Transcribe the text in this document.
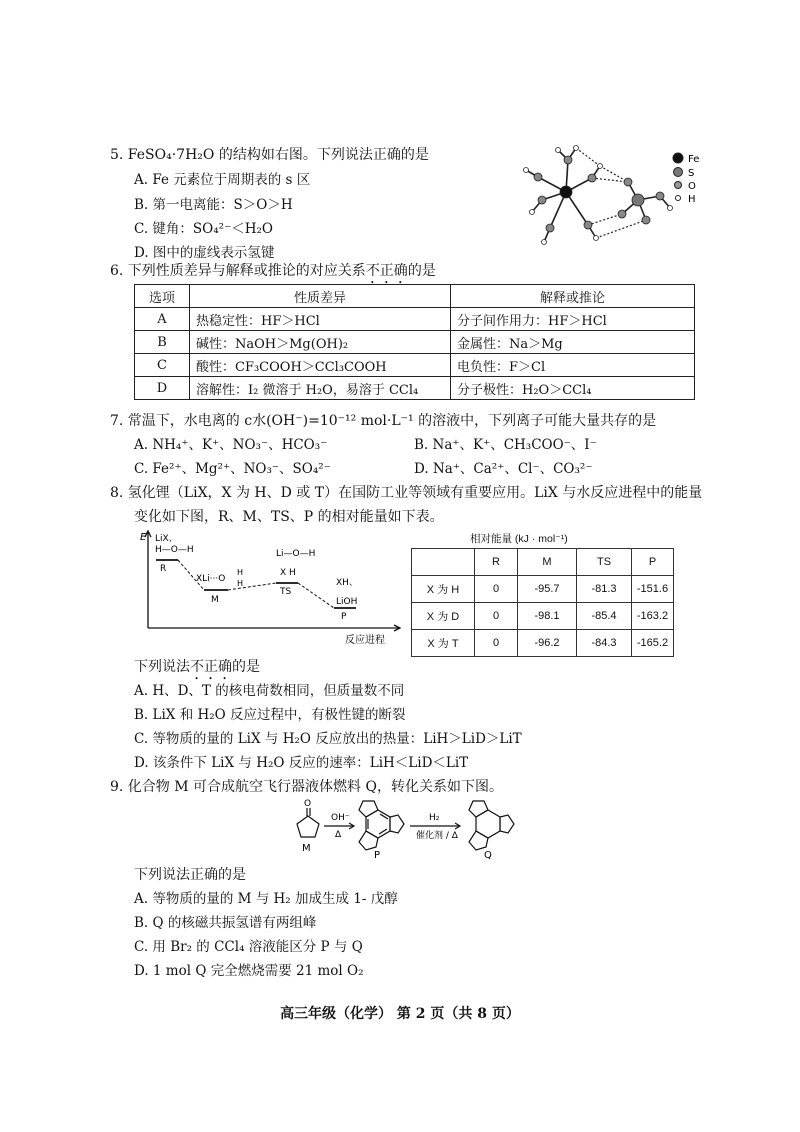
5. FeSO₄·7H₂O 的结构如右图。下列说法正确的是
A. Fe 元素位于周期表的 s 区
B. 第一电离能：S＞O＞H
C. 键角：SO₄²⁻＜H₂O
D. 图中的虚线表示氢键
Fe
S
O
H
6. 下列性质差异与解释或推论的对应关系不正确的是
选项	性质差异	解释或推论
A	热稳定性：HF＞HCl	分子间作用力：HF＞HCl
B	碱性：NaOH＞Mg(OH)₂	金属性：Na＞Mg
C	酸性：CF₃COOH＞CCl₃COOH	电负性：F＞Cl
D	溶解性：I₂ 微溶于 H₂O，易溶于 CCl₄	分子极性：H₂O＞CCl₄
7. 常温下，水电离的 c水(OH⁻)=10⁻¹² mol·L⁻¹ 的溶液中，下列离子可能大量共存的是
A. NH₄⁺、K⁺、NO₃⁻、HCO₃⁻	B. Na⁺、K⁺、CH₃COO⁻、I⁻
C. Fe²⁺、Mg²⁺、NO₃⁻、SO₄²⁻	D. Na⁺、Ca²⁺、Cl⁻、CO₃²⁻
8. 氢化锂（LiX，X 为 H、D 或 T）在国防工业等领域有重要应用。LiX 与水反应进程中的能量
变化如下图，R、M、TS、P 的相对能量如下表。
E
反应进程
LiX、
H—O—H
R
XLi···O
H
H
M
Li—O—H
X H
TS
XH、
LiOH
P
相对能量 (kJ · mol⁻¹)
	R	M	TS	P
X 为 H	0	-95.7	-81.3	-151.6
X 为 D	0	-98.1	-85.4	-163.2
X 为 T	0	-96.2	-84.3	-165.2
下列说法不正确的是
A. H、D、T 的核电荷数相同，但质量数不同
B. LiX 和 H₂O 反应过程中，有极性键的断裂
C. 等物质的量的 LiX 与 H₂O 反应放出的热量：LiH＞LiD＞LiT
D. 该条件下 LiX 与 H₂O 反应的速率：LiH＜LiD＜LiT
9. 化合物 M 可合成航空飞行器液体燃料 Q，转化关系如下图。
O
M
OH⁻
Δ
P
H₂
催化剂 / Δ
Q
下列说法正确的是
A. 等物质的量的 M 与 H₂ 加成生成 1- 戊醇
B. Q 的核磁共振氢谱有两组峰
C. 用 Br₂ 的 CCl₄ 溶液能区分 P 与 Q
D. 1 mol Q 完全燃烧需要 21 mol O₂
高三年级（化学） 第 2 页（共 8 页）
